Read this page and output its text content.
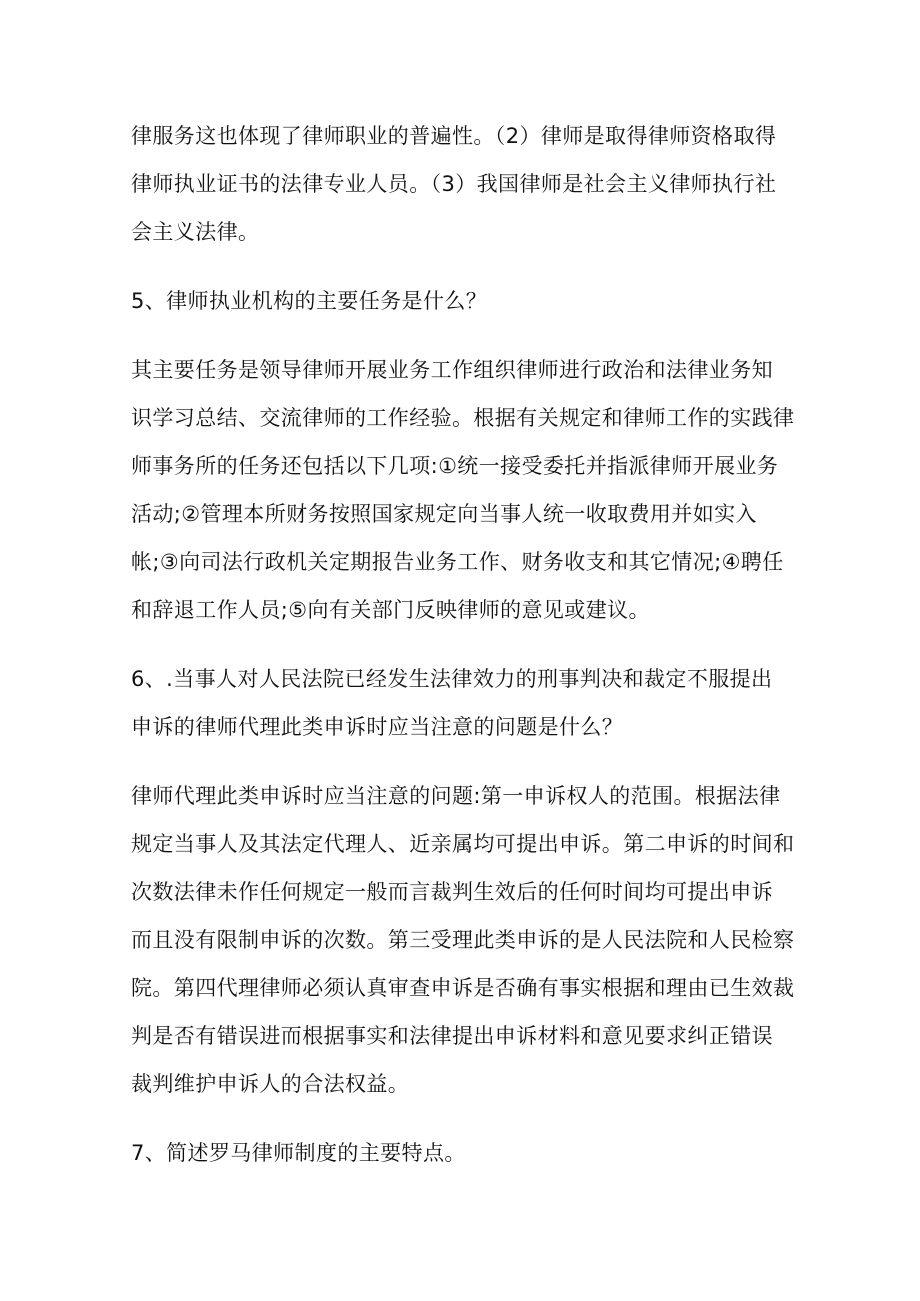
律服务这也体现了律师职业的普遍性。（2）律师是取得律师资格取得
律师执业证书的法律专业人员。（3）我国律师是社会主义律师执行社
会主义法律。

5、律师执业机构的主要任务是什么？

其主要任务是领导律师开展业务工作组织律师进行政治和法律业务知
识学习总结、交流律师的工作经验。根据有关规定和律师工作的实践律
师事务所的任务还包括以下几项:①统一接受委托并指派律师开展业务
活动;②管理本所财务按照国家规定向当事人统一收取费用并如实入
帐;③向司法行政机关定期报告业务工作、财务收支和其它情况;④聘任
和辞退工作人员;⑤向有关部门反映律师的意见或建议。

6、.当事人对人民法院已经发生法律效力的刑事判决和裁定不服提出
申诉的律师代理此类申诉时应当注意的问题是什么？

律师代理此类申诉时应当注意的问题:第一申诉权人的范围。根据法律
规定当事人及其法定代理人、近亲属均可提出申诉。第二申诉的时间和
次数法律未作任何规定一般而言裁判生效后的任何时间均可提出申诉
而且没有限制申诉的次数。第三受理此类申诉的是人民法院和人民检察
院。第四代理律师必须认真审查申诉是否确有事实根据和理由已生效裁
判是否有错误进而根据事实和法律提出申诉材料和意见要求纠正错误
裁判维护申诉人的合法权益。

7、简述罗马律师制度的主要特点。
